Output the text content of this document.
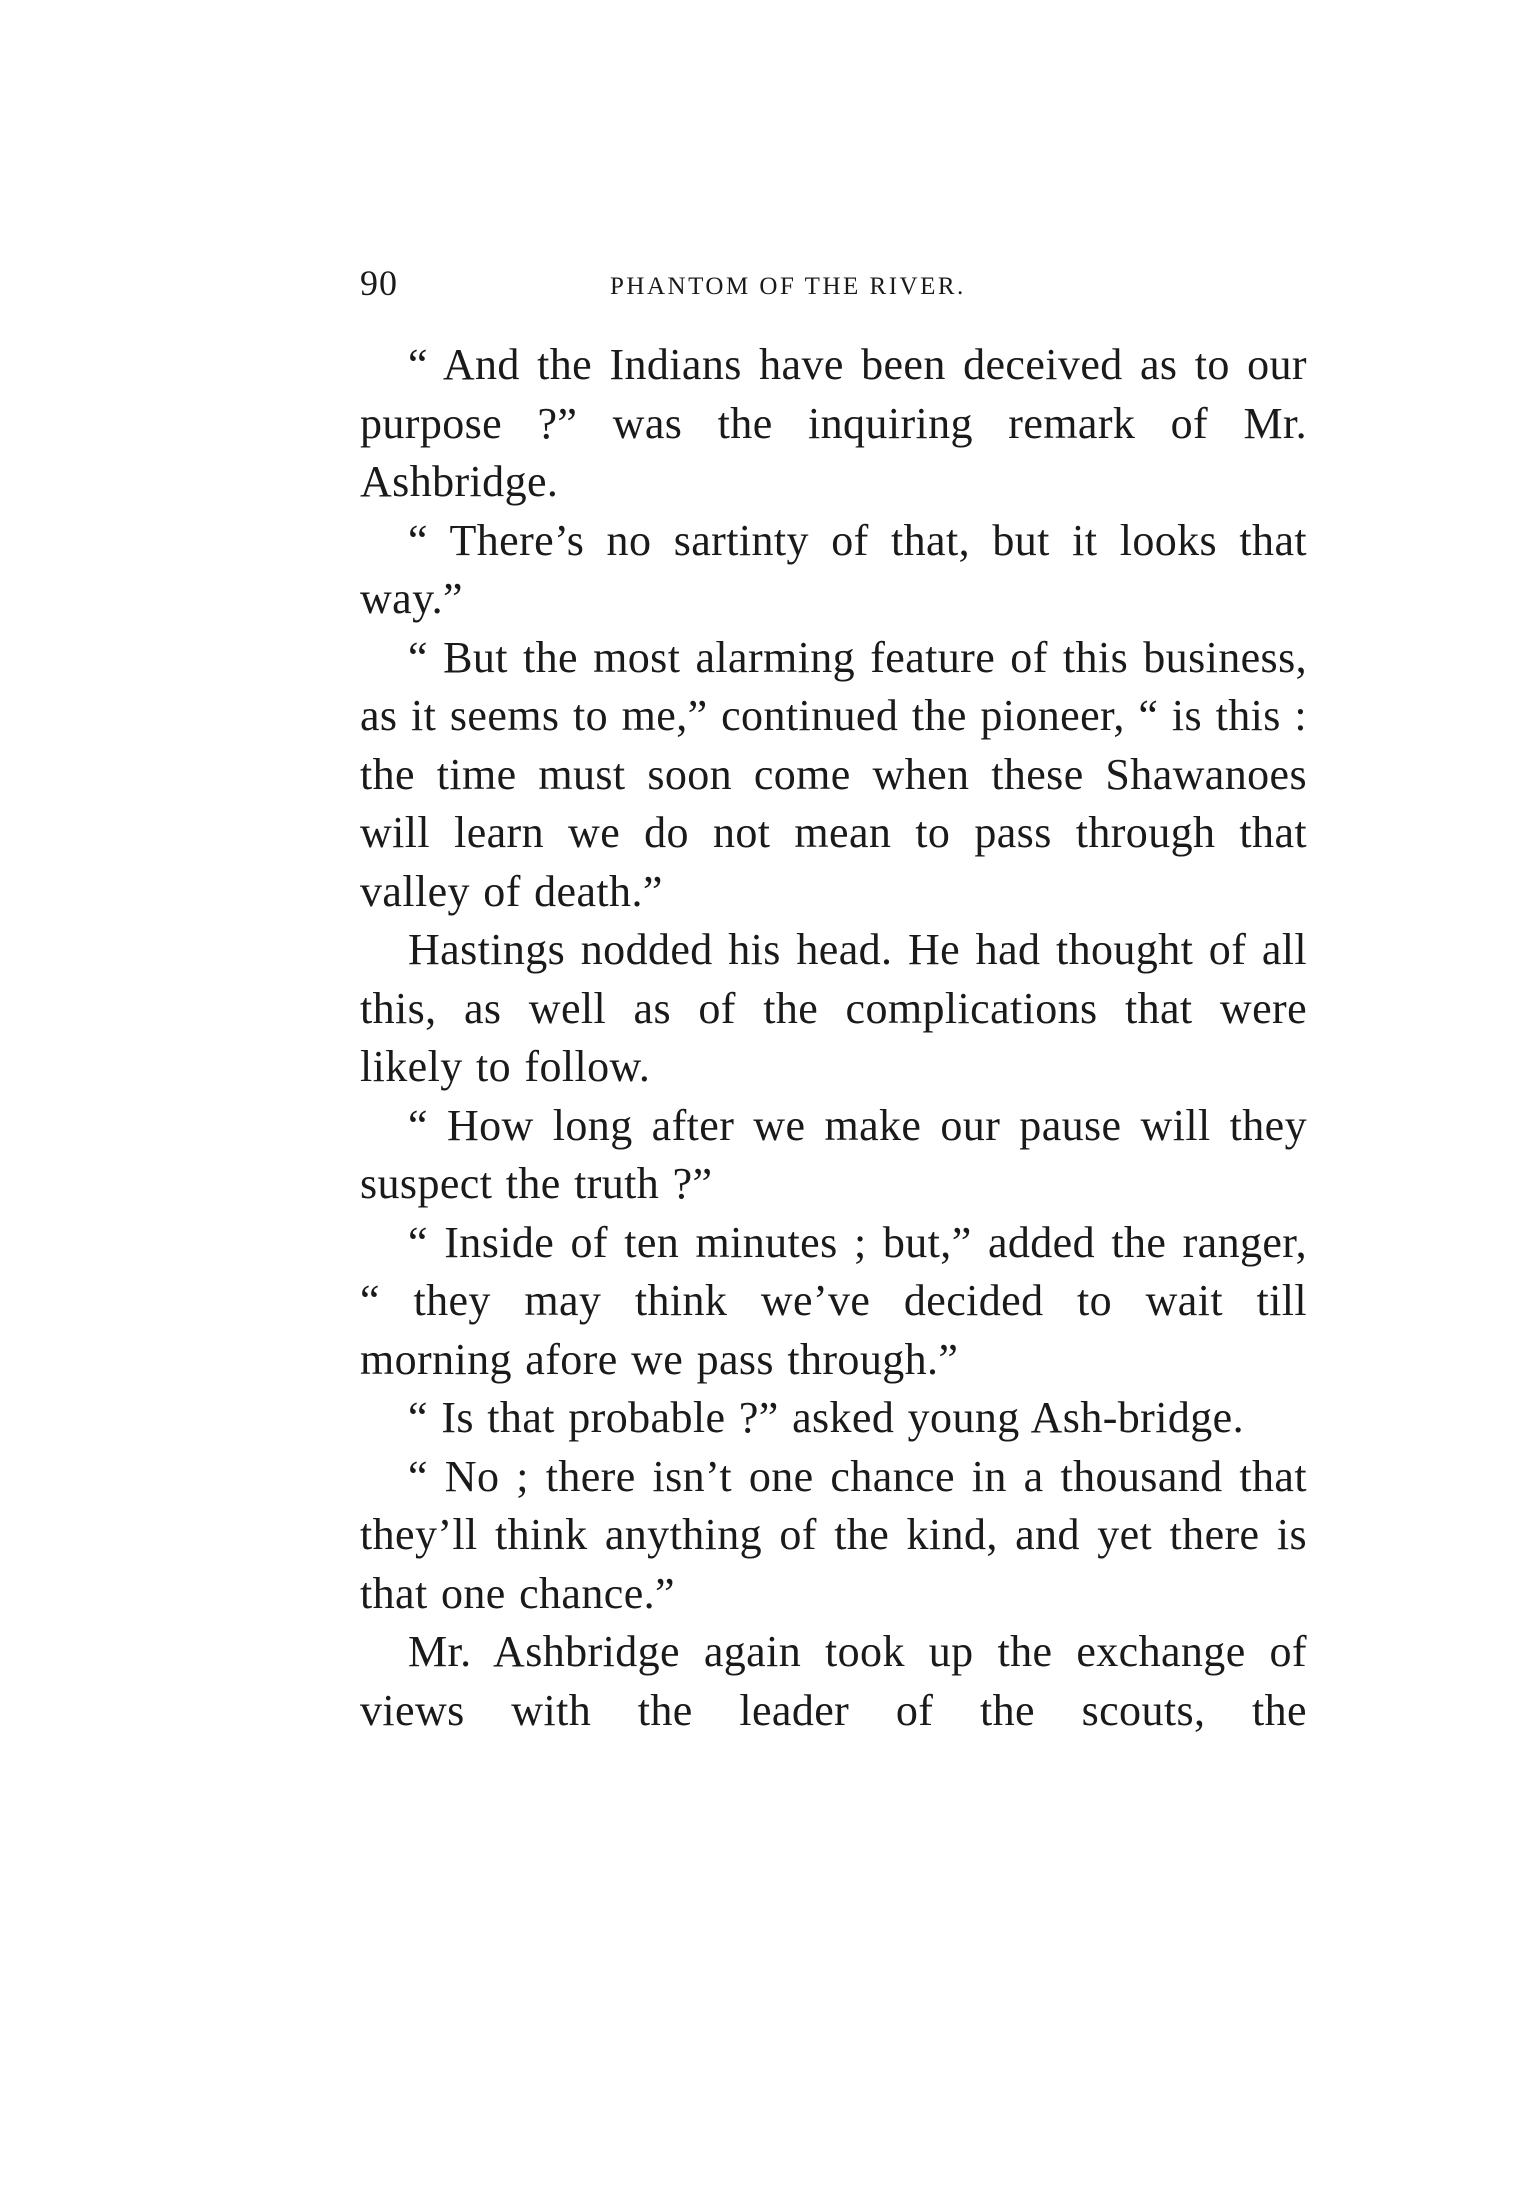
90	PHANTOM OF THE RIVER.

“ And the Indians have been deceived as to our purpose ?” was the inquiring remark of Mr. Ashbridge.

“ There’s no sartinty of that, but it looks that way.”

“ But the most alarming feature of this business, as it seems to me,” continued the pioneer, “ is this : the time must soon come when these Shawanoes will learn we do not mean to pass through that valley of death.”

Hastings nodded his head. He had thought of all this, as well as of the complications that were likely to follow.

“ How long after we make our pause will they suspect the truth ?”

“ Inside of ten minutes ; but,” added the ranger, “ they may think we’ve decided to wait till morning afore we pass through.”

“ Is that probable ?” asked young Ash-bridge.

“ No ; there isn’t one chance in a thousand that they’ll think anything of the kind, and yet there is that one chance.”

Mr. Ashbridge again took up the exchange of views with the leader of the scouts, the
